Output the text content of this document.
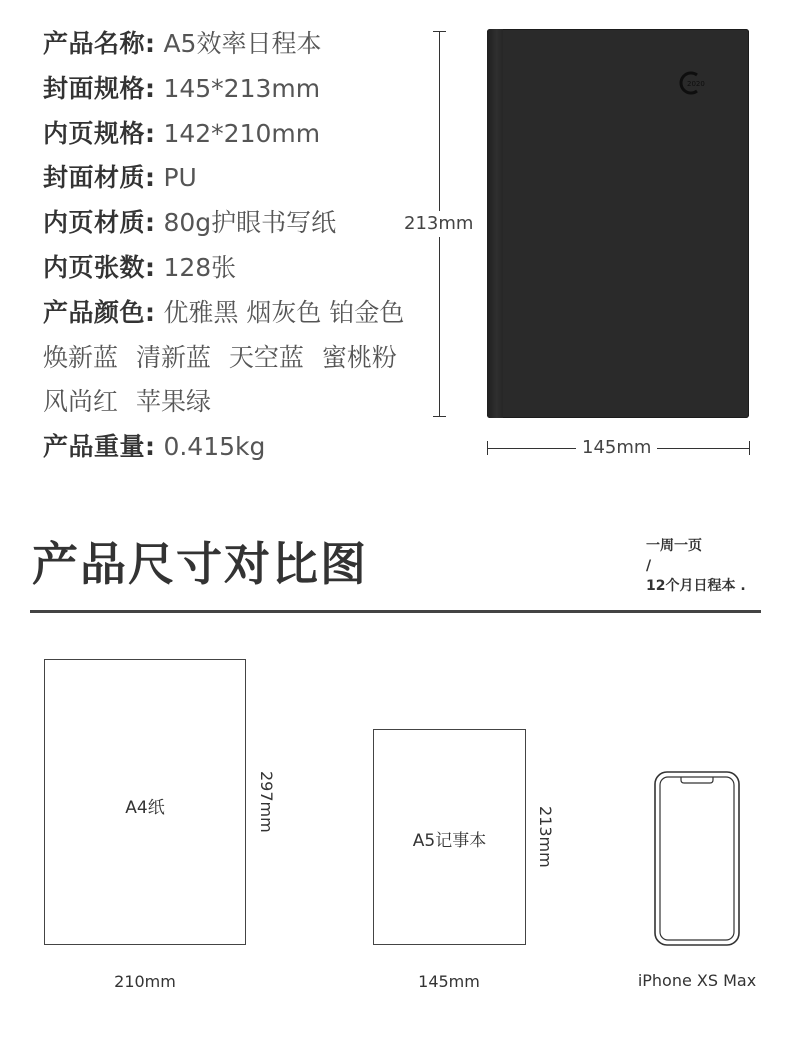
产品名称: A5效率日程本
封面规格: 145*213mm
内页规格: 142*210mm
封面材质: PU
内页材质: 80g护眼书写纸
内页张数: 128张
产品颜色: 优雅黑 烟灰色 铂金色
焕新蓝 清新蓝 天空蓝 蜜桃粉
风尚红 苹果绿
产品重量: 0.415kg
213mm
2020
145mm
产品尺寸对比图	一周一页
/
12个月日程本 .
A4纸	297mm
210mm
A5记事本	213mm
145mm	iPhone XS Max
